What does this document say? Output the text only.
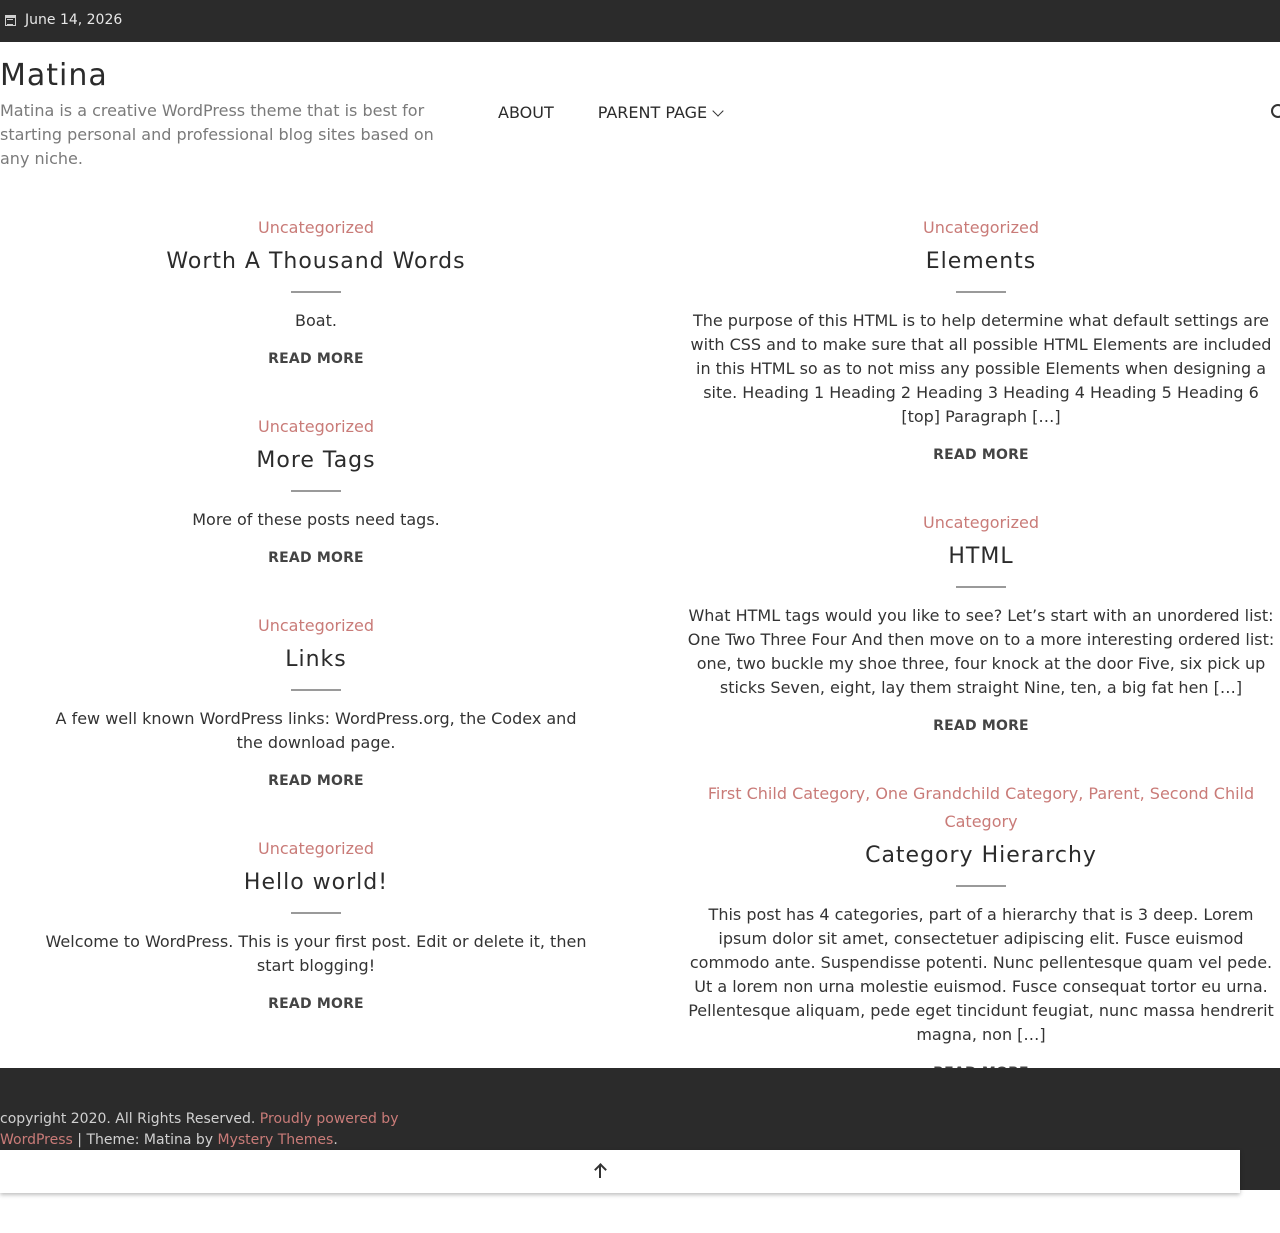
June 14, 2026
Matina

Matina is a creative WordPress theme that is best for starting personal and professional blog sites based on any niche.

ABOUT	PARENT PAGE
Uncategorized
Worth A Thousand Words

Boat.

READ MORE
Uncategorized
More Tags

More of these posts need tags.

READ MORE
Uncategorized
Links

A few well known WordPress links: WordPress.org, the Codex and the download page.

READ MORE
Uncategorized
Hello world!

Welcome to WordPress. This is your first post. Edit or delete it, then start blogging!

READ MORE
Uncategorized
Elements

The purpose of this HTML is to help determine what default settings are with CSS and to make sure that all possible HTML Elements are included in this HTML so as to not miss any possible Elements when designing a site. Heading 1 Heading 2 Heading 3 Heading 4 Heading 5 Heading 6 [top] Paragraph […]

READ MORE
Uncategorized
HTML

What HTML tags would you like to see? Let’s start with an unordered list: One Two Three Four And then move on to a more interesting ordered list: one, two buckle my shoe three, four knock at the door Five, six pick up sticks Seven, eight, lay them straight Nine, ten, a big fat hen […]

READ MORE
First Child Category, One Grandchild Category, Parent, Second Child Category
Category Hierarchy

This post has 4 categories, part of a hierarchy that is 3 deep. Lorem ipsum dolor sit amet, consectetuer adipiscing elit. Fusce euismod commodo ante. Suspendisse potenti. Nunc pellentesque quam vel pede. Ut a lorem non urna molestie euismod. Fusce consequat tortor eu urna. Pellentesque aliquam, pede eget tincidunt feugiat, nunc massa hendrerit magna, non […]

copyright 2020. All Rights Reserved. Proudly powered by WordPress | Theme: Matina by Mystery Themes.
